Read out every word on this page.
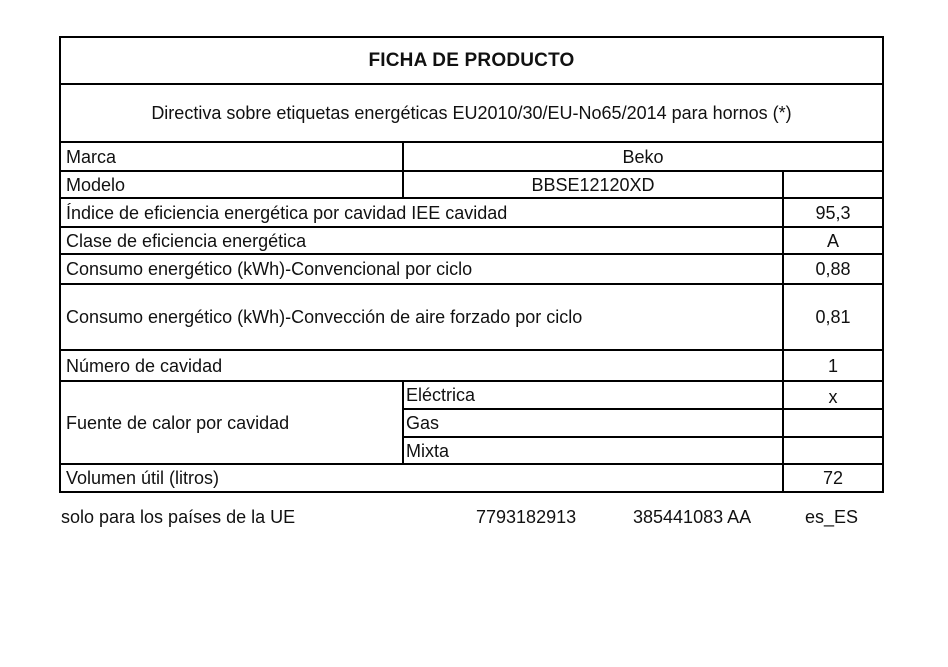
FICHA DE PRODUCTO
Directiva sobre etiquetas energéticas EU2010/30/EU-No65/2014 para hornos (*)
Marca	Beko
Modelo	BBSE12120XD
Índice de eficiencia energética por cavidad IEE cavidad	95,3
Clase de eficiencia energética	A
Consumo energético (kWh)-Convencional por ciclo	0,88
Consumo energético (kWh)-Convección de aire forzado por ciclo	0,81
Número de cavidad	1
Fuente de calor por cavidad
Eléctrica	x
Gas
Mixta
Volumen útil (litros)	72
solo para los países de la UE	7793182913	385441083 AA	es_ES
